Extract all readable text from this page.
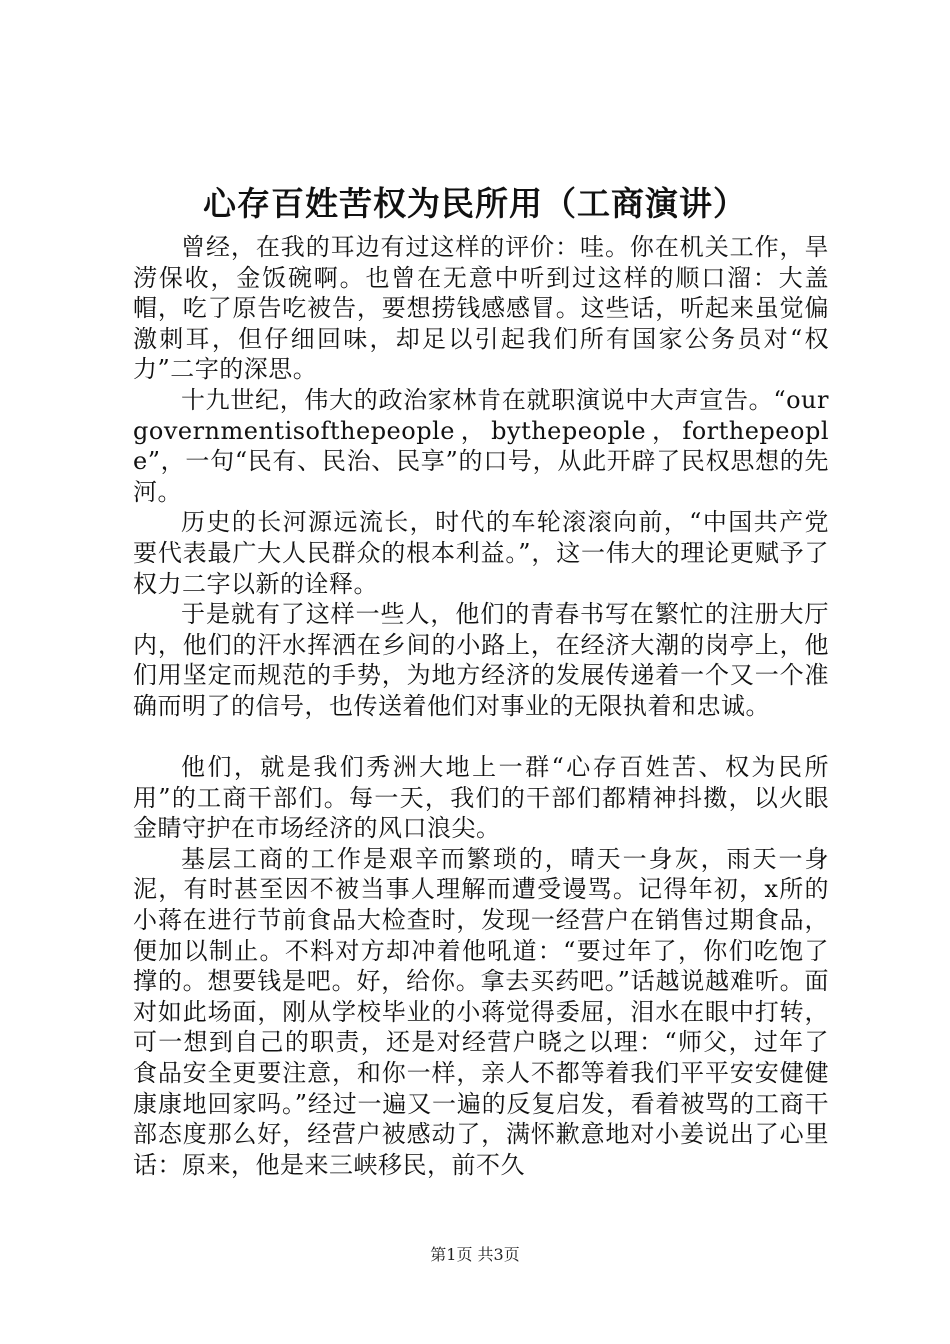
心存百姓苦权为民所用（工商演讲）

曾经，在我的耳边有过这样的评价：哇。你在机关工作，旱涝保收，金饭碗啊。也曾在无意中听到过这样的顺口溜：大盖帽，吃了原告吃被告，要想捞钱感感冒。这些话，听起来虽觉偏激刺耳，但仔细回味，却足以引起我们所有国家公务员对“权力”二字的深思。

十九世纪，伟大的政治家林肯在就职演说中大声宣告。“ourgovernmentisofthepeople，bythepeople，forthepeople”，一句“民有、民治、民享”的口号，从此开辟了民权思想的先河。

历史的长河源远流长，时代的车轮滚滚向前，“中国共产党要代表最广大人民群众的根本利益。”，这一伟大的理论更赋予了权力二字以新的诠释。

于是就有了这样一些人，他们的青春书写在繁忙的注册大厅内，他们的汗水挥洒在乡间的小路上，在经济大潮的岗亭上，他们用坚定而规范的手势，为地方经济的发展传递着一个又一个准确而明了的信号，也传送着他们对事业的无限执着和忠诚。

他们，就是我们秀洲大地上一群“心存百姓苦、权为民所用”的工商干部们。每一天，我们的干部们都精神抖擞，以火眼金睛守护在市场经济的风口浪尖。

基层工商的工作是艰辛而繁琐的，晴天一身灰，雨天一身泥，有时甚至因不被当事人理解而遭受谩骂。记得年初，x所的小蒋在进行节前食品大检查时，发现一经营户在销售过期食品，便加以制止。不料对方却冲着他吼道：“要过年了，你们吃饱了撑的。想要钱是吧。好，给你。拿去买药吧。”话越说越难听。面对如此场面，刚从学校毕业的小蒋觉得委屈，泪水在眼中打转，可一想到自己的职责，还是对经营户晓之以理：“师父，过年了食品安全更要注意，和你一样，亲人不都等着我们平平安安健健康康地回家吗。”经过一遍又一遍的反复启发，看着被骂的工商干部态度那么好，经营户被感动了，满怀歉意地对小姜说出了心里话：原来，他是来三峡移民，前不久

第1页 共3页
